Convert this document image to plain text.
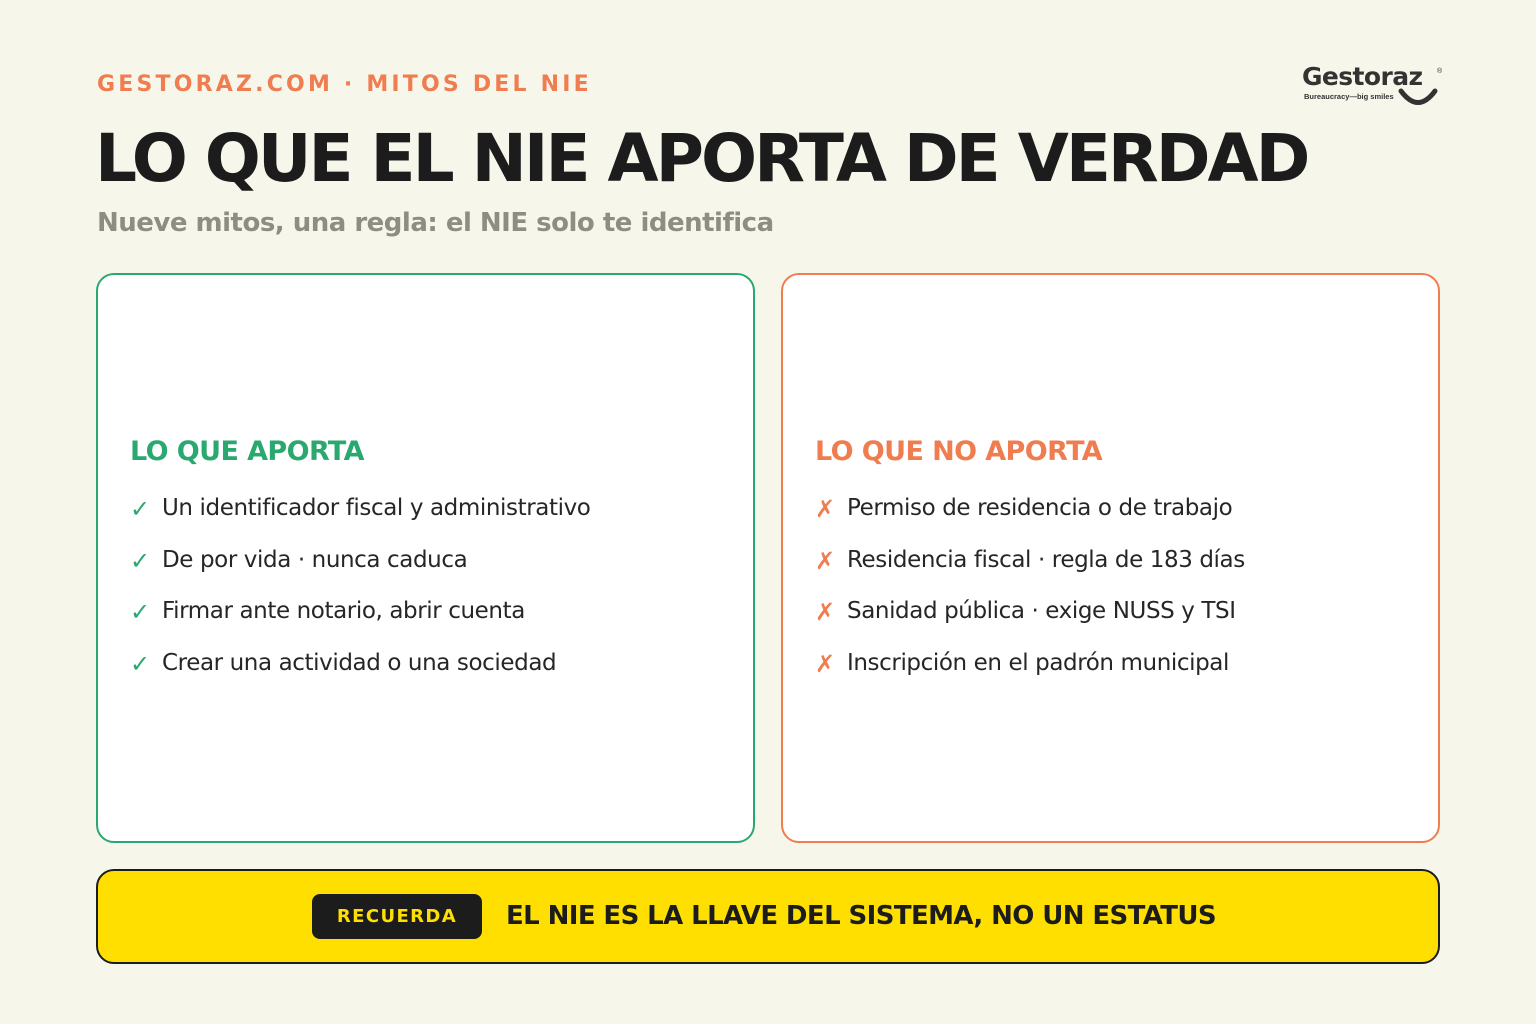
GESTORAZ.COM · MITOS DEL NIE	Gestoraz ®
Bureaucracy—big smiles
LO QUE EL NIE APORTA DE VERDAD
Nueve mitos, una regla: el NIE solo te identifica
LO QUE APORTA
✓ Un identificador fiscal y administrativo
✓ De por vida · nunca caduca
✓ Firmar ante notario, abrir cuenta
✓ Crear una actividad o una sociedad
LO QUE NO APORTA
✗ Permiso de residencia o de trabajo
✗ Residencia fiscal · regla de 183 días
✗ Sanidad pública · exige NUSS y TSI
✗ Inscripción en el padrón municipal
RECUERDA	EL NIE ES LA LLAVE DEL SISTEMA, NO UN ESTATUS
